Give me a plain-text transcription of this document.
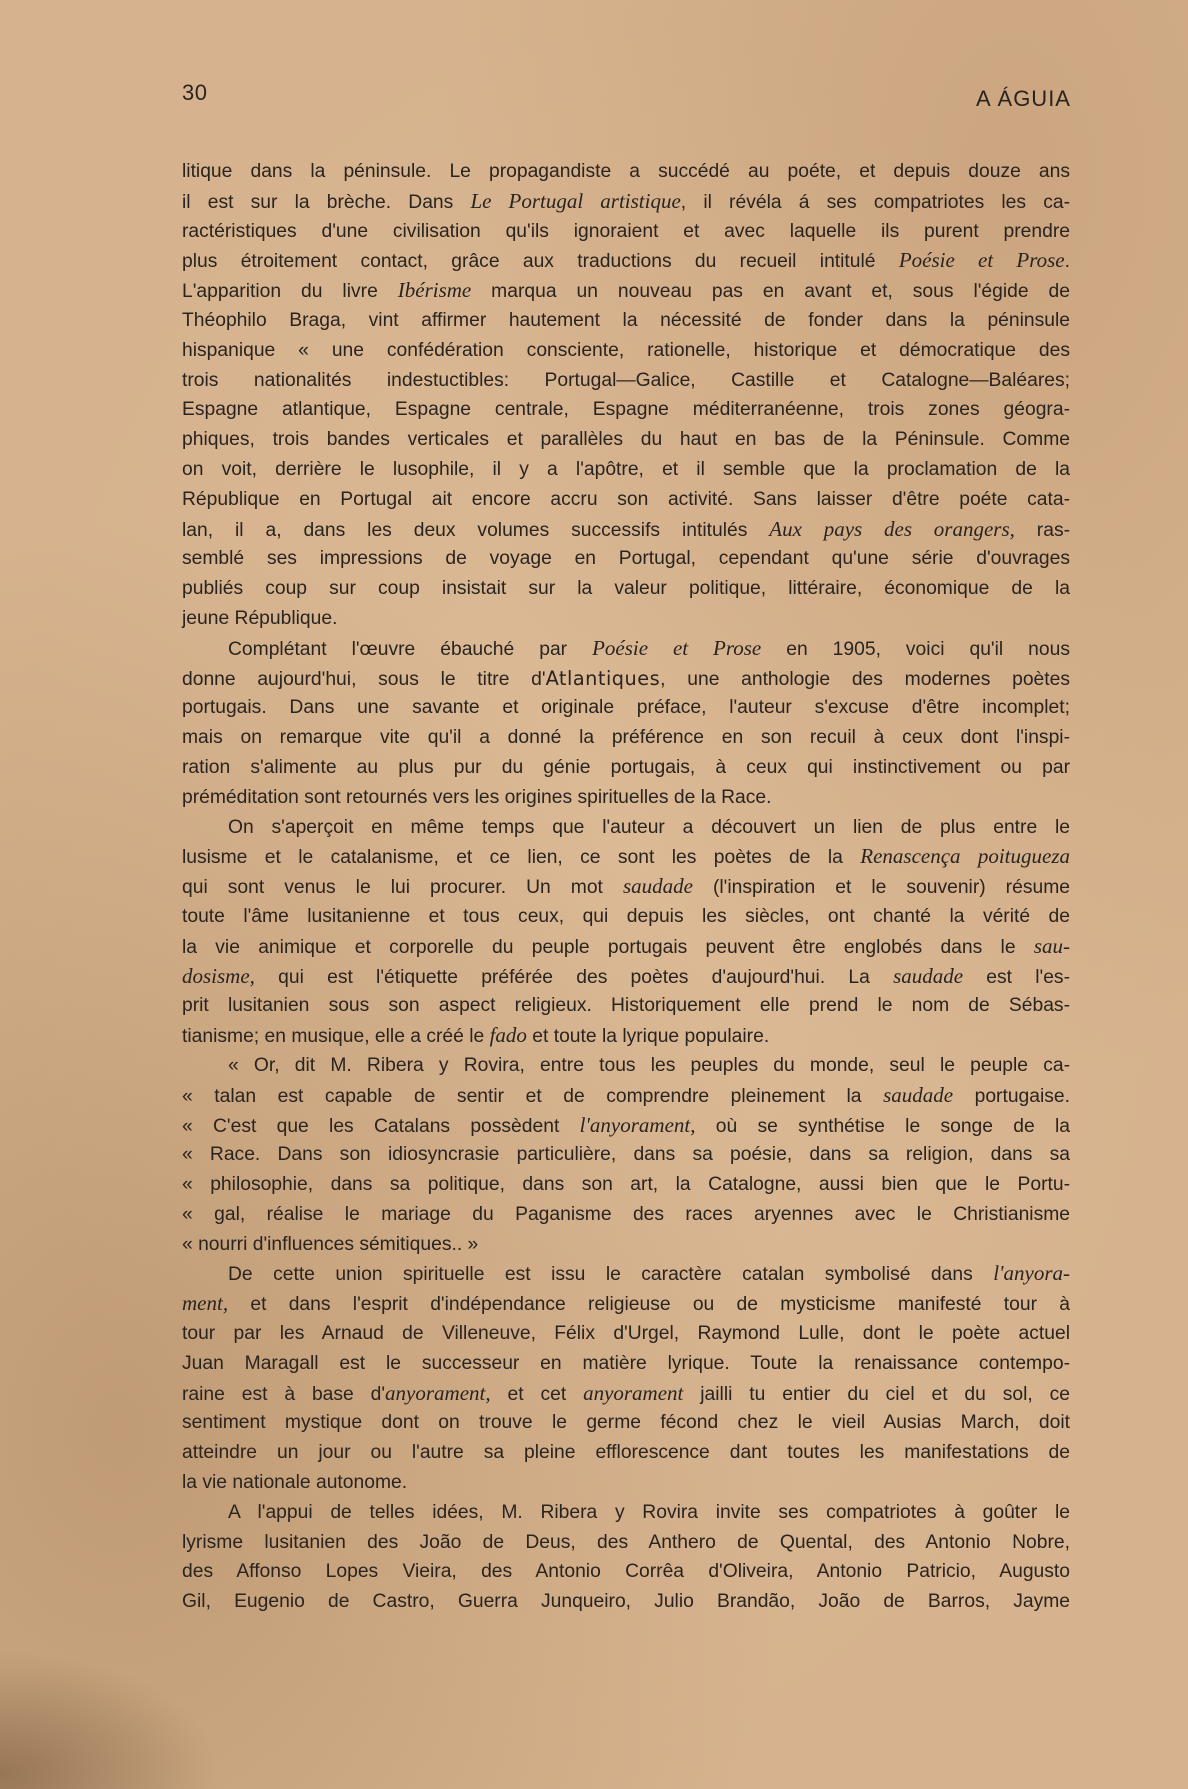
30	A ÁGUIA
litique dans la péninsule. Le propagandiste a succédé au poéte, et depuis douze ans
il est sur la brèche. Dans Le Portugal artistique, il révéla á ses compatriotes les ca-
ractéristiques d'une civilisation qu'ils ignoraient et avec laquelle ils purent prendre
plus étroitement contact, grâce aux traductions du recueil intitulé Poésie et Prose.
L'apparition du livre Ibérisme marqua un nouveau pas en avant et, sous l'égide de
Théophilo Braga, vint affirmer hautement la nécessité de fonder dans la péninsule
hispanique « une confédération consciente, rationelle, historique et démocratique des
trois nationalités indestuctibles: Portugal—Galice, Castille et Catalogne—Baléares;
Espagne atlantique, Espagne centrale, Espagne méditerranéenne, trois zones géogra-
phiques, trois bandes verticales et parallèles du haut en bas de la Péninsule. Comme
on voit, derrière le lusophile, il y a l'apôtre, et il semble que la proclamation de la
République en Portugal ait encore accru son activité. Sans laisser d'être poéte cata-
lan, il a, dans les deux volumes successifs intitulés Aux pays des orangers, ras-
semblé ses impressions de voyage en Portugal, cependant qu'une série d'ouvrages
publiés coup sur coup insistait sur la valeur politique, littéraire, économique de la
jeune République.
Complétant l'œuvre ébauché par Poésie et Prose en 1905, voici qu'il nous
donne aujourd'hui, sous le titre d'Atlantiques, une anthologie des modernes poètes
portugais. Dans une savante et originale préface, l'auteur s'excuse d'être incomplet;
mais on remarque vite qu'il a donné la préférence en son recuil à ceux dont l'inspi-
ration s'alimente au plus pur du génie portugais, à ceux qui instinctivement ou par
préméditation sont retournés vers les origines spirituelles de la Race.
On s'aperçoit en même temps que l'auteur a découvert un lien de plus entre le
lusisme et le catalanisme, et ce lien, ce sont les poètes de la Renascença poitugueza
qui sont venus le lui procurer. Un mot saudade (l'inspiration et le souvenir) résume
toute l'âme lusitanienne et tous ceux, qui depuis les siècles, ont chanté la vérité de
la vie animique et corporelle du peuple portugais peuvent être englobés dans le sau-
dosisme, qui est l'étiquette préférée des poètes d'aujourd'hui. La saudade est l'es-
prit lusitanien sous son aspect religieux. Historiquement elle prend le nom de Sébas-
tianisme; en musique, elle a créé le fado et toute la lyrique populaire.
« Or, dit M. Ribera y Rovira, entre tous les peuples du monde, seul le peuple ca-
« talan est capable de sentir et de comprendre pleinement la saudade portugaise.
« C'est que les Catalans possèdent l'anyorament, où se synthétise le songe de la
« Race. Dans son idiosyncrasie particulière, dans sa poésie, dans sa religion, dans sa
« philosophie, dans sa politique, dans son art, la Catalogne, aussi bien que le Portu-
« gal, réalise le mariage du Paganisme des races aryennes avec le Christianisme
« nourri d'influences sémitiques.. »
De cette union spirituelle est issu le caractère catalan symbolisé dans l'anyora-
ment, et dans l'esprit d'indépendance religieuse ou de mysticisme manifesté tour à
tour par les Arnaud de Villeneuve, Félix d'Urgel, Raymond Lulle, dont le poète actuel
Juan Maragall est le successeur en matière lyrique. Toute la renaissance contempo-
raine est à base d'anyorament, et cet anyorament jailli tu entier du ciel et du sol, ce
sentiment mystique dont on trouve le germe fécond chez le vieil Ausias March, doit
atteindre un jour ou l'autre sa pleine efflorescence dant toutes les manifestations de
la vie nationale autonome.
A l'appui de telles idées, M. Ribera y Rovira invite ses compatriotes à goûter le
lyrisme lusitanien des João de Deus, des Anthero de Quental, des Antonio Nobre,
des Affonso Lopes Vieira, des Antonio Corrêa d'Oliveira, Antonio Patricio, Augusto
Gil, Eugenio de Castro, Guerra Junqueiro, Julio Brandão, João de Barros, Jayme
